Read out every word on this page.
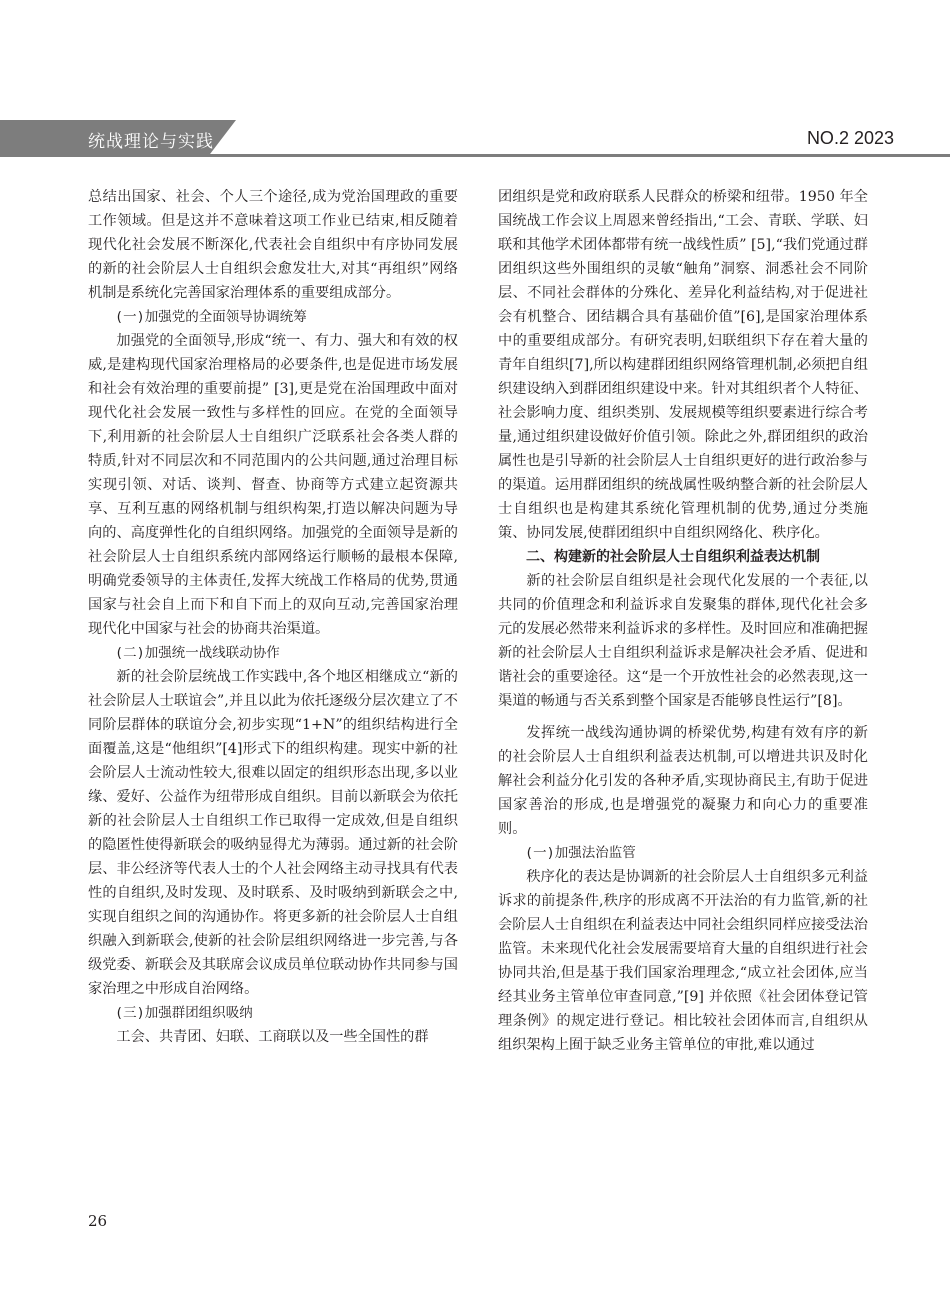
统战理论与实践	NO.2 2023

总结出国家、社会、个人三个途径,成为党治国理政的重要工作领域。但是这并不意味着这项工作业已结束,相反随着现代化社会发展不断深化,代表社会自组织中有序协同发展的新的社会阶层人士自组织会愈发壮大,对其“再组织”网络机制是系统化完善国家治理体系的重要组成部分。

(一)加强党的全面领导协调统筹

加强党的全面领导,形成“统一、有力、强大和有效的权威,是建构现代国家治理格局的必要条件,也是促进市场发展和社会有效治理的重要前提” [3],更是党在治国理政中面对现代化社会发展一致性与多样性的回应。在党的全面领导下,利用新的社会阶层人士自组织广泛联系社会各类人群的特质,针对不同层次和不同范围内的公共问题,通过治理目标实现引领、对话、谈判、督查、协商等方式建立起资源共享、互利互惠的网络机制与组织构架,打造以解决问题为导向的、高度弹性化的自组织网络。加强党的全面领导是新的社会阶层人士自组织系统内部网络运行顺畅的最根本保障,明确党委领导的主体责任,发挥大统战工作格局的优势,贯通国家与社会自上而下和自下而上的双向互动,完善国家治理现代化中国家与社会的协商共治渠道。

(二)加强统一战线联动协作

新的社会阶层统战工作实践中,各个地区相继成立“新的社会阶层人士联谊会”,并且以此为依托逐级分层次建立了不同阶层群体的联谊分会,初步实现“1+N”的组织结构进行全面覆盖,这是“他组织”[4]形式下的组织构建。现实中新的社会阶层人士流动性较大,很难以固定的组织形态出现,多以业缘、爱好、公益作为纽带形成自组织。目前以新联会为依托新的社会阶层人士自组织工作已取得一定成效,但是自组织的隐匿性使得新联会的吸纳显得尤为薄弱。通过新的社会阶层、非公经济等代表人士的个人社会网络主动寻找具有代表性的自组织,及时发现、及时联系、及时吸纳到新联会之中,实现自组织之间的沟通协作。将更多新的社会阶层人士自组织融入到新联会,使新的社会阶层组织网络进一步完善,与各级党委、新联会及其联席会议成员单位联动协作共同参与国家治理之中形成自治网络。

(三)加强群团组织吸纳

工会、共青团、妇联、工商联以及一些全国性的群

团组织是党和政府联系人民群众的桥梁和纽带。1950 年全国统战工作会议上周恩来曾经指出,“工会、青联、学联、妇联和其他学术团体都带有统一战线性质” [5],“我们党通过群团组织这些外围组织的灵敏“触角”洞察、洞悉社会不同阶层、不同社会群体的分殊化、差异化利益结构,对于促进社会有机整合、团结耦合具有基础价值”[6],是国家治理体系中的重要组成部分。有研究表明,妇联组织下存在着大量的青年自组织[7],所以构建群团组织网络管理机制,必须把自组织建设纳入到群团组织建设中来。针对其组织者个人特征、社会影响力度、组织类别、发展规模等组织要素进行综合考量,通过组织建设做好价值引领。除此之外,群团组织的政治属性也是引导新的社会阶层人士自组织更好的进行政治参与的渠道。运用群团组织的统战属性吸纳整合新的社会阶层人士自组织也是构建其系统化管理机制的优势,通过分类施策、协同发展,使群团组织中自组织网络化、秩序化。

二、构建新的社会阶层人士自组织利益表达机制

新的社会阶层自组织是社会现代化发展的一个表征,以共同的价值理念和利益诉求自发聚集的群体,现代化社会多元的发展必然带来利益诉求的多样性。及时回应和准确把握新的社会阶层人士自组织利益诉求是解决社会矛盾、促进和谐社会的重要途径。这“是一个开放性社会的必然表现,这一渠道的畅通与否关系到整个国家是否能够良性运行”[8]。

发挥统一战线沟通协调的桥梁优势,构建有效有序的新的社会阶层人士自组织利益表达机制,可以增进共识及时化解社会利益分化引发的各种矛盾,实现协商民主,有助于促进国家善治的形成,也是增强党的凝聚力和向心力的重要准则。

(一)加强法治监管

秩序化的表达是协调新的社会阶层人士自组织多元利益诉求的前提条件,秩序的形成离不开法治的有力监管,新的社会阶层人士自组织在利益表达中同社会组织同样应接受法治监管。未来现代化社会发展需要培育大量的自组织进行社会协同共治,但是基于我们国家治理理念,“成立社会团体,应当经其业务主管单位审查同意,”[9] 并依照《社会团体登记管理条例》的规定进行登记。相比较社会团体而言,自组织从组织架构上囿于缺乏业务主管单位的审批,难以通过

26
